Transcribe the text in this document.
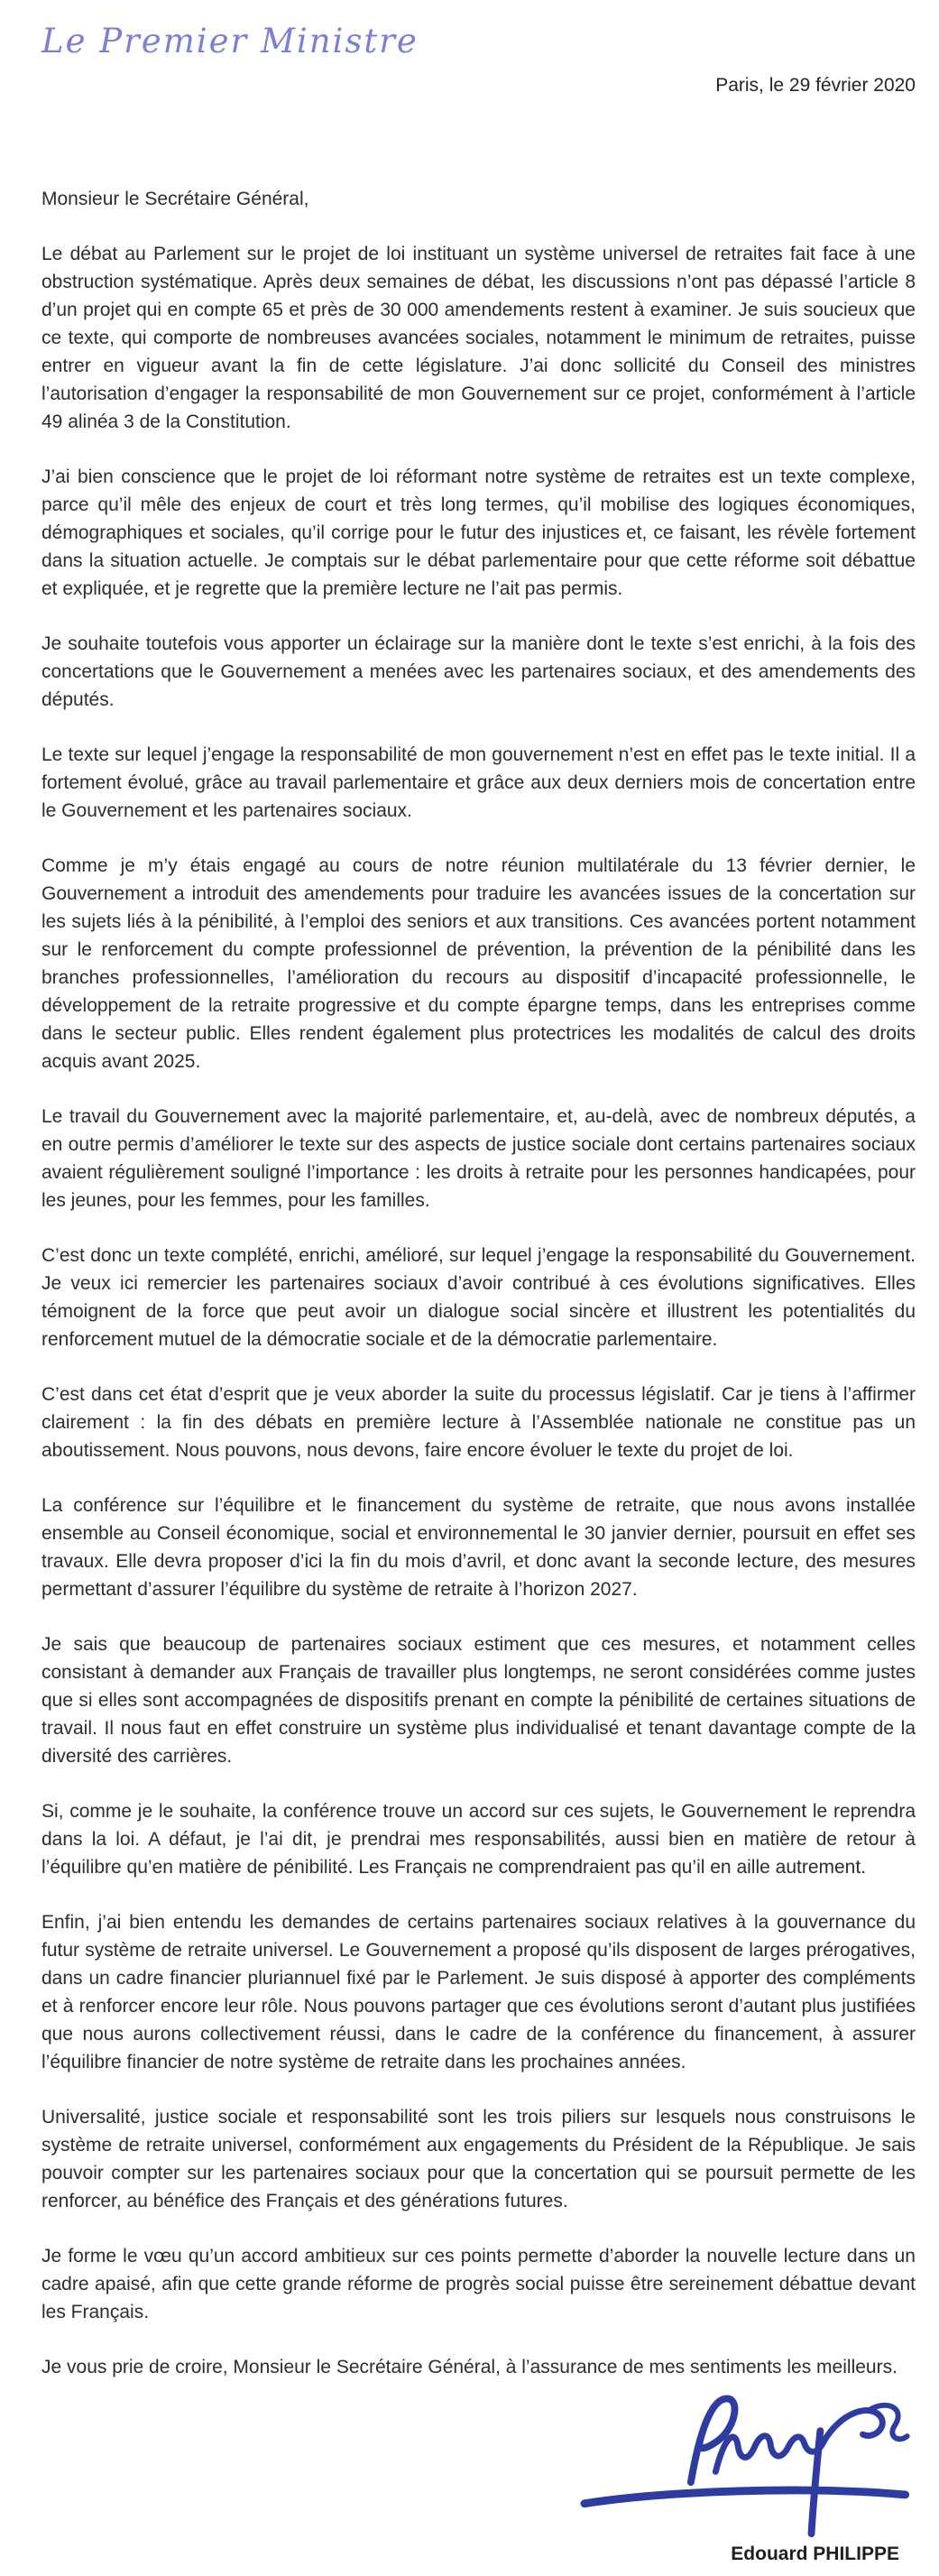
Le Premier Ministre
Paris, le 29 février 2020
Monsieur le Secrétaire Général,

Le débat au Parlement sur le projet de loi instituant un système universel de retraites fait face à une obstruction systématique. Après deux semaines de débat, les discussions n’ont pas dépassé l’article 8 d’un projet qui en compte 65 et près de 30 000 amendements restent à examiner. Je suis soucieux que ce texte, qui comporte de nombreuses avancées sociales, notamment le minimum de retraites, puisse entrer en vigueur avant la fin de cette législature. J’ai donc sollicité du Conseil des ministres l’autorisation d’engager la responsabilité de mon Gouvernement sur ce projet, conformément à l’article 49 alinéa 3 de la Constitution.

J’ai bien conscience que le projet de loi réformant notre système de retraites est un texte complexe, parce qu’il mêle des enjeux de court et très long termes, qu’il mobilise des logiques économiques, démographiques et sociales, qu’il corrige pour le futur des injustices et, ce faisant, les révèle fortement dans la situation actuelle. Je comptais sur le débat parlementaire pour que cette réforme soit débattue et expliquée, et je regrette que la première lecture ne l’ait pas permis.

Je souhaite toutefois vous apporter un éclairage sur la manière dont le texte s’est enrichi, à la fois des concertations que le Gouvernement a menées avec les partenaires sociaux, et des amendements des députés.

Le texte sur lequel j’engage la responsabilité de mon gouvernement n’est en effet pas le texte initial. Il a fortement évolué, grâce au travail parlementaire et grâce aux deux derniers mois de concertation entre le Gouvernement et les partenaires sociaux.

Comme je m’y étais engagé au cours de notre réunion multilatérale du 13 février dernier, le Gouvernement a introduit des amendements pour traduire les avancées issues de la concertation sur les sujets liés à la pénibilité, à l’emploi des seniors et aux transitions. Ces avancées portent notamment sur le renforcement du compte professionnel de prévention, la prévention de la pénibilité dans les branches professionnelles, l’amélioration du recours au dispositif d’incapacité professionnelle, le développement de la retraite progressive et du compte épargne temps, dans les entreprises comme dans le secteur public. Elles rendent également plus protectrices les modalités de calcul des droits acquis avant 2025.

Le travail du Gouvernement avec la majorité parlementaire, et, au-delà, avec de nombreux députés, a en outre permis d’améliorer le texte sur des aspects de justice sociale dont certains partenaires sociaux avaient régulièrement souligné l’importance : les droits à retraite pour les personnes handicapées, pour les jeunes, pour les femmes, pour les familles.

C’est donc un texte complété, enrichi, amélioré, sur lequel j’engage la responsabilité du Gouvernement. Je veux ici remercier les partenaires sociaux d’avoir contribué à ces évolutions significatives. Elles témoignent de la force que peut avoir un dialogue social sincère et illustrent les potentialités du renforcement mutuel de la démocratie sociale et de la démocratie parlementaire.

C’est dans cet état d’esprit que je veux aborder la suite du processus législatif. Car je tiens à l’affirmer clairement : la fin des débats en première lecture à l’Assemblée nationale ne constitue pas un aboutissement. Nous pouvons, nous devons, faire encore évoluer le texte du projet de loi.

La conférence sur l’équilibre et le financement du système de retraite, que nous avons installée ensemble au Conseil économique, social et environnemental le 30 janvier dernier, poursuit en effet ses travaux. Elle devra proposer d’ici la fin du mois d’avril, et donc avant la seconde lecture, des mesures permettant d’assurer l’équilibre du système de retraite à l’horizon 2027.

Je sais que beaucoup de partenaires sociaux estiment que ces mesures, et notamment celles consistant à demander aux Français de travailler plus longtemps, ne seront considérées comme justes que si elles sont accompagnées de dispositifs prenant en compte la pénibilité de certaines situations de travail. Il nous faut en effet construire un système plus individualisé et tenant davantage compte de la diversité des carrières.

Si, comme je le souhaite, la conférence trouve un accord sur ces sujets, le Gouvernement le reprendra dans la loi. A défaut, je l’ai dit, je prendrai mes responsabilités, aussi bien en matière de retour à l’équilibre qu’en matière de pénibilité. Les Français ne comprendraient pas qu’il en aille autrement.

Enfin, j’ai bien entendu les demandes de certains partenaires sociaux relatives à la gouvernance du futur système de retraite universel. Le Gouvernement a proposé qu’ils disposent de larges prérogatives, dans un cadre financier pluriannuel fixé par le Parlement. Je suis disposé à apporter des compléments et à renforcer encore leur rôle. Nous pouvons partager que ces évolutions seront d’autant plus justifiées que nous aurons collectivement réussi, dans le cadre de la conférence du financement, à assurer l’équilibre financier de notre système de retraite dans les prochaines années.

Universalité, justice sociale et responsabilité sont les trois piliers sur lesquels nous construisons le système de retraite universel, conformément aux engagements du Président de la République. Je sais pouvoir compter sur les partenaires sociaux pour que la concertation qui se poursuit permette de les renforcer, au bénéfice des Français et des générations futures.

Je forme le vœu qu’un accord ambitieux sur ces points permette d’aborder la nouvelle lecture dans un cadre apaisé, afin que cette grande réforme de progrès social puisse être sereinement débattue devant les Français.

Je vous prie de croire, Monsieur le Secrétaire Général, à l’assurance de mes sentiments les meilleurs.
Edouard PHILIPPE
